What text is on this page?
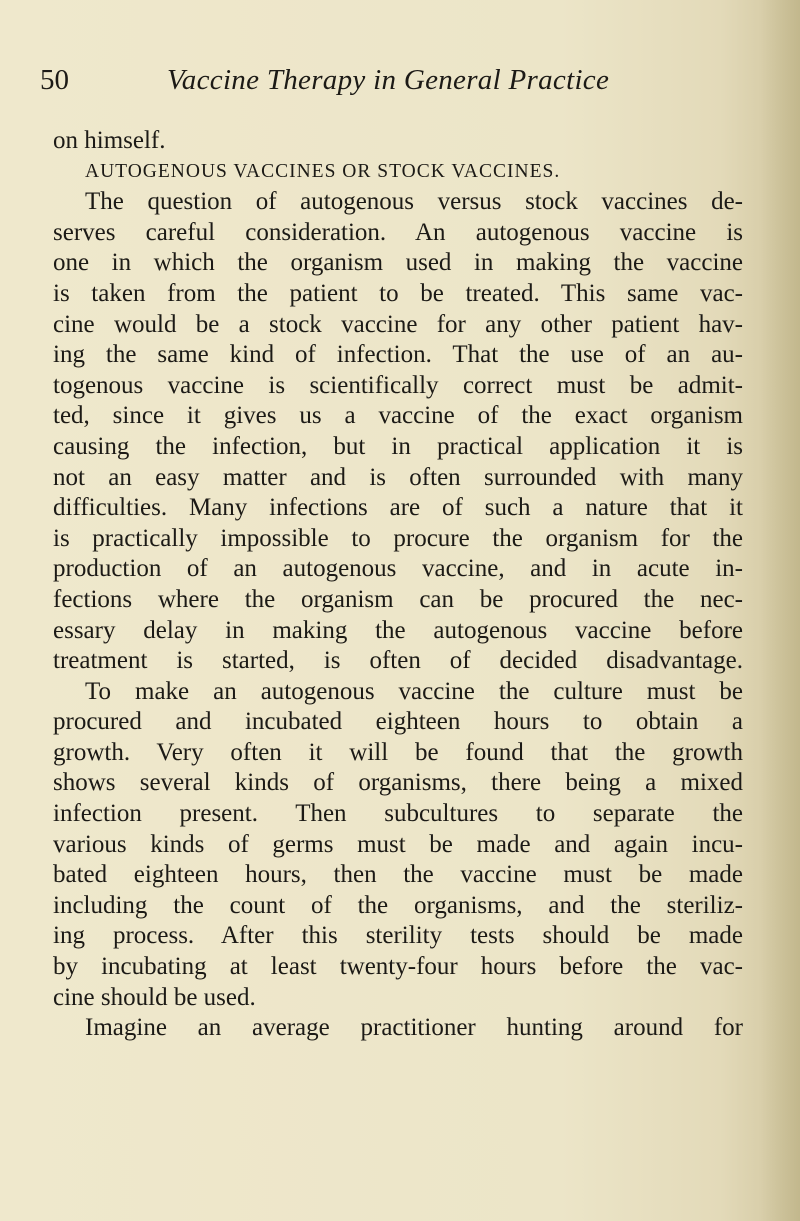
50	Vaccine Therapy in General Practice
on himself.
AUTOGENOUS VACCINES OR STOCK VACCINES.
The question of autogenous versus stock vaccines de-
serves careful consideration. An autogenous vaccine is
one in which the organism used in making the vaccine
is taken from the patient to be treated. This same vac-
cine would be a stock vaccine for any other patient hav-
ing the same kind of infection. That the use of an au-
togenous vaccine is scientifically correct must be admit-
ted, since it gives us a vaccine of the exact organism
causing the infection, but in practical application it is
not an easy matter and is often surrounded with many
difficulties. Many infections are of such a nature that it
is practically impossible to procure the organism for the
production of an autogenous vaccine, and in acute in-
fections where the organism can be procured the nec-
essary delay in making the autogenous vaccine before
treatment is started, is often of decided disadvantage.
To make an autogenous vaccine the culture must be
procured and incubated eighteen hours to obtain a
growth. Very often it will be found that the growth
shows several kinds of organisms, there being a mixed
infection present. Then subcultures to separate the
various kinds of germs must be made and again incu-
bated eighteen hours, then the vaccine must be made
including the count of the organisms, and the steriliz-
ing process. After this sterility tests should be made
by incubating at least twenty-four hours before the vac-
cine should be used.
Imagine an average practitioner hunting around for
